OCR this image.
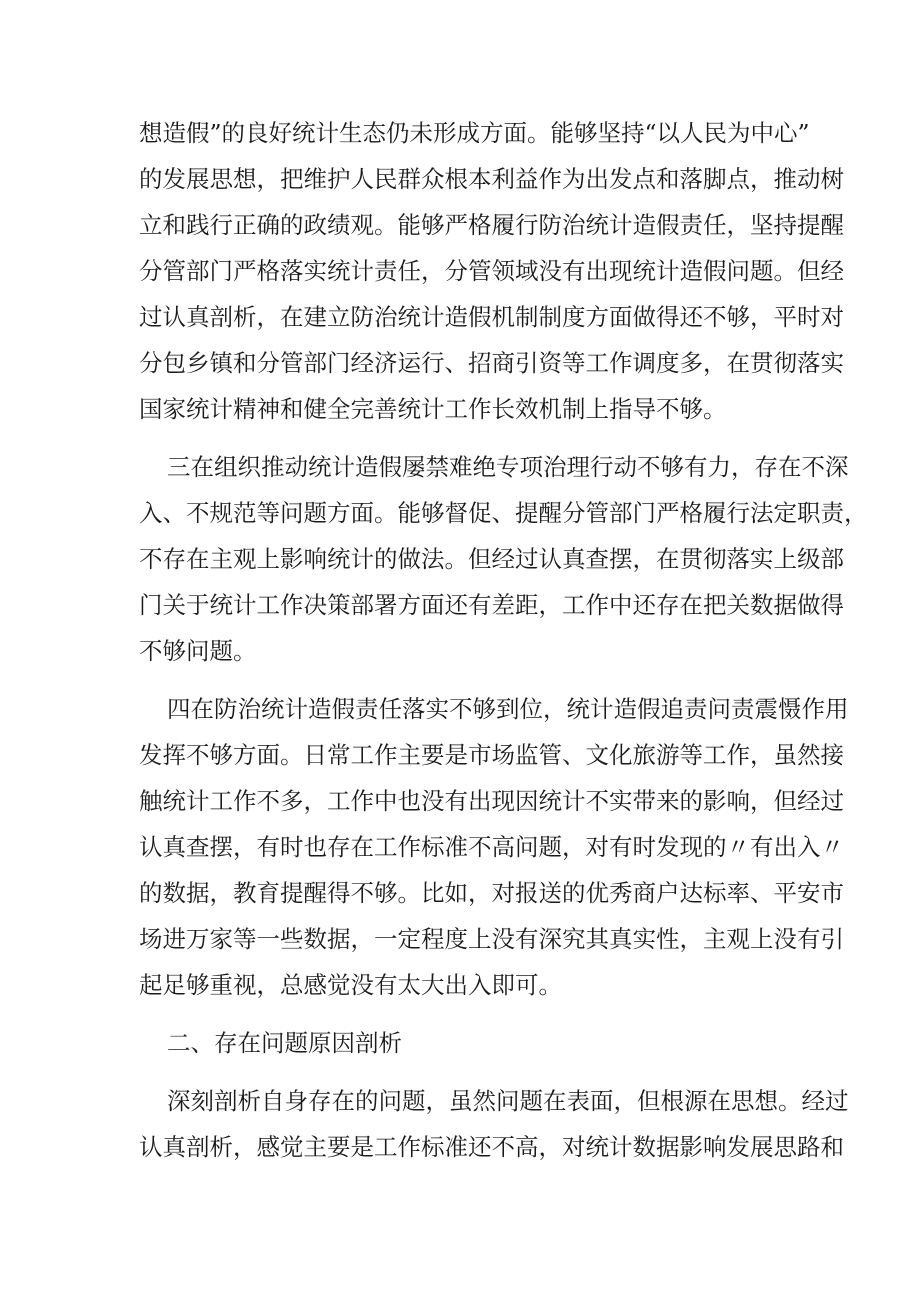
想造假”的良好统计生态仍未形成方面。能够坚持“以人民为中心”
的发展思想，把维护人民群众根本利益作为出发点和落脚点，推动树
立和践行正确的政绩观。能够严格履行防治统计造假责任，坚持提醒
分管部门严格落实统计责任，分管领域没有出现统计造假问题。但经
过认真剖析，在建立防治统计造假机制制度方面做得还不够，平时对
分包乡镇和分管部门经济运行、招商引资等工作调度多，在贯彻落实
国家统计精神和健全完善统计工作长效机制上指导不够。
三在组织推动统计造假屡禁难绝专项治理行动不够有力，存在不深
入、不规范等问题方面。能够督促、提醒分管部门严格履行法定职责，
不存在主观上影响统计的做法。但经过认真查摆，在贯彻落实上级部
门关于统计工作决策部署方面还有差距，工作中还存在把关数据做得
不够问题。
四在防治统计造假责任落实不够到位，统计造假追责问责震慑作用
发挥不够方面。日常工作主要是市场监管、文化旅游等工作，虽然接
触统计工作不多，工作中也没有出现因统计不实带来的影响，但经过
认真查摆，有时也存在工作标准不高问题，对有时发现的〃有出入〃
的数据，教育提醒得不够。比如，对报送的优秀商户达标率、平安市
场进万家等一些数据，一定程度上没有深究其真实性，主观上没有引
起足够重视，总感觉没有太大出入即可。
二、存在问题原因剖析
深刻剖析自身存在的问题，虽然问题在表面，但根源在思想。经过
认真剖析，感觉主要是工作标准还不高，对统计数据影响发展思路和
